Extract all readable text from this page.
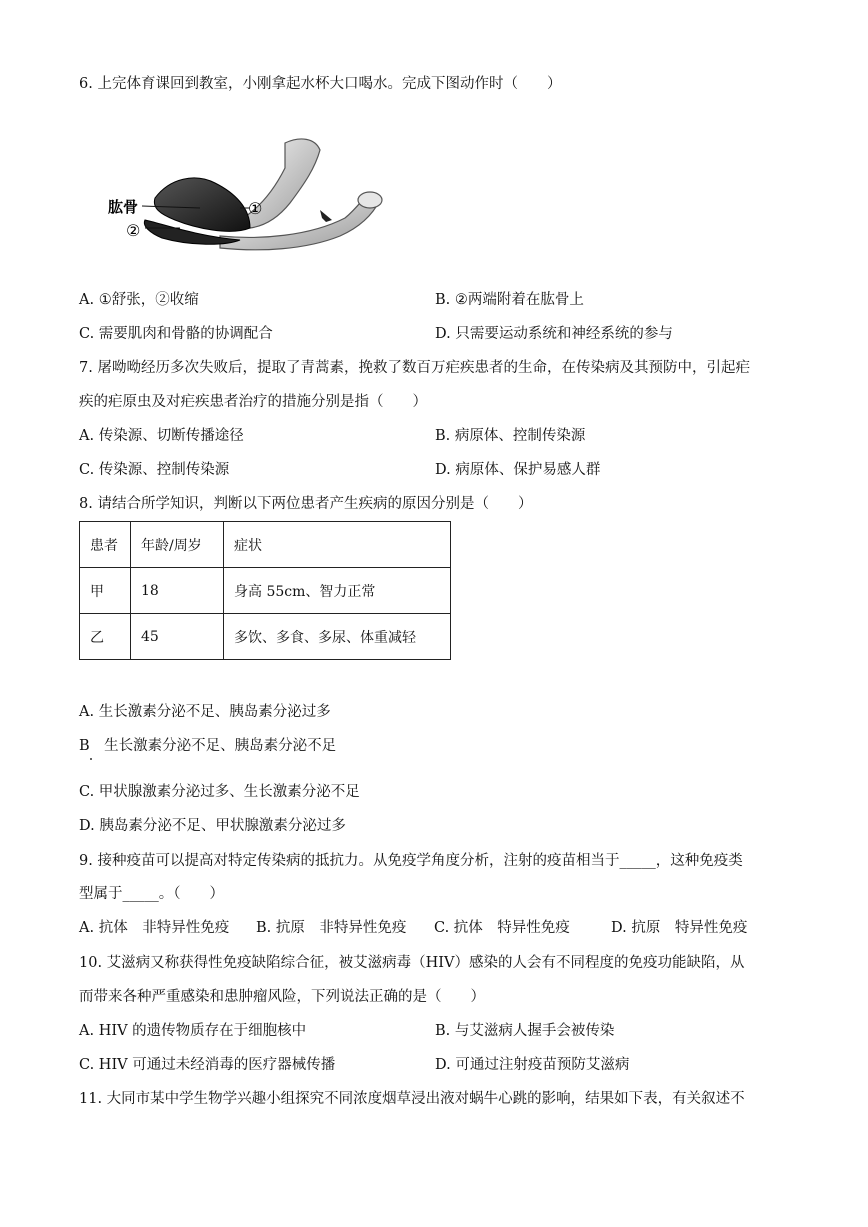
6. 上完体育课回到教室，小刚拿起水杯大口喝水。完成下图动作时（　　）
肱骨	①
②
A. ①舒张，②收缩	B. ②两端附着在肱骨上
C. 需要肌肉和骨骼的协调配合	D. 只需要运动系统和神经系统的参与
7. 屠呦呦经历多次失败后，提取了青蒿素，挽救了数百万疟疾患者的生命，在传染病及其预防中，引起疟
疾的疟原虫及对疟疾患者治疗的措施分别是指（　　）
A. 传染源、切断传播途径	B. 病原体、控制传染源
C. 传染源、控制传染源	D. 病原体、保护易感人群
8. 请结合所学知识，判断以下两位患者产生疾病的原因分别是（　　）
患者	年龄/周岁	症状
甲	18	身高 55cm、智力正常
乙	45	多饮、多食、多尿、体重减轻
A. 生长激素分泌不足、胰岛素分泌过多
B　生长激素分泌不足、胰岛素分泌不足
C. 甲状腺激素分泌过多、生长激素分泌不足
D. 胰岛素分泌不足、甲状腺激素分泌过多
9. 接种疫苗可以提高对特定传染病的抵抗力。从免疫学角度分析，注射的疫苗相当于_____，这种免疫类
型属于_____。（　　）
A. 抗体　非特异性免疫 B. 抗原　非特异性免疫 C. 抗体　特异性免疫	D. 抗原　特异性免疫
10. 艾滋病又称获得性免疫缺陷综合征，被艾滋病毒（HIV）感染的人会有不同程度的免疫功能缺陷，从
而带来各种严重感染和患肿瘤风险，下列说法正确的是（　　）
A. HIV 的遗传物质存在于细胞核中	B. 与艾滋病人握手会被传染
C. HIV 可通过未经消毒的医疗器械传播	D. 可通过注射疫苗预防艾滋病
11. 大同市某中学生物学兴趣小组探究不同浓度烟草浸出液对蜗牛心跳的影响，结果如下表，有关叙述不
